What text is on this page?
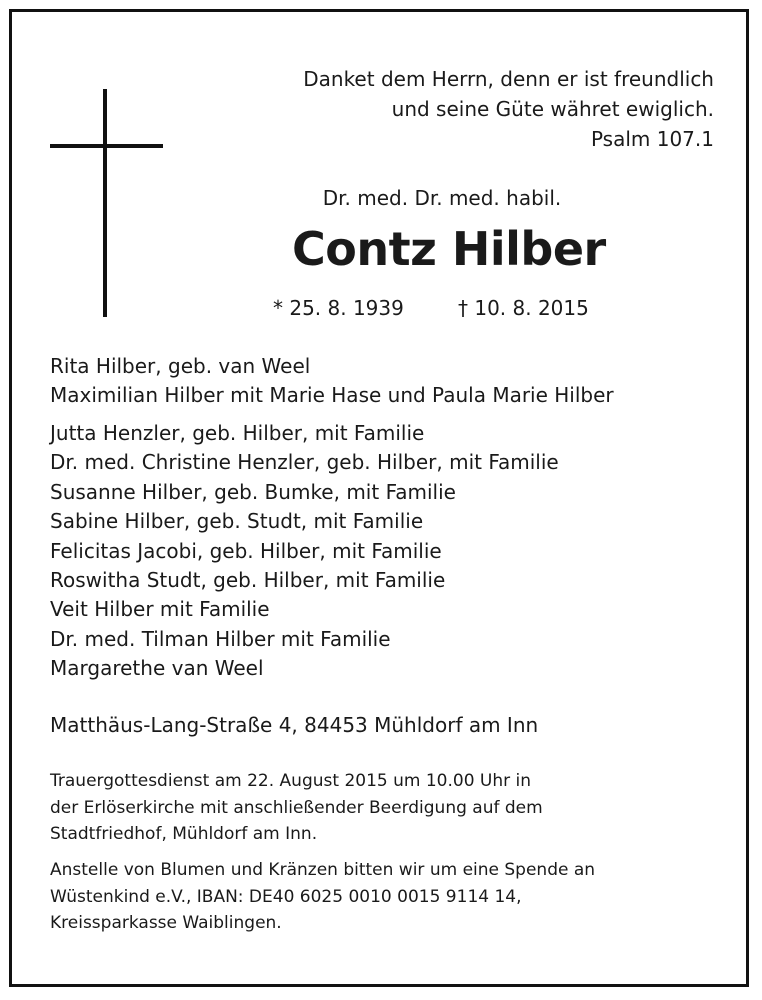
Danket dem Herrn, denn er ist freundlich
und seine Güte währet ewiglich.
Psalm 107.1
Dr. med. Dr. med. habil.
Contz Hilber
* 25. 8. 1939	† 10. 8. 2015
Rita Hilber, geb. van Weel
Maximilian Hilber mit Marie Hase und Paula Marie Hilber
Jutta Henzler, geb. Hilber, mit Familie
Dr. med. Christine Henzler, geb. Hilber, mit Familie
Susanne Hilber, geb. Bumke, mit Familie
Sabine Hilber, geb. Studt, mit Familie
Felicitas Jacobi, geb. Hilber, mit Familie
Roswitha Studt, geb. Hilber, mit Familie
Veit Hilber mit Familie
Dr. med. Tilman Hilber mit Familie
Margarethe van Weel
Matthäus-Lang-Straße 4, 84453 Mühldorf am Inn
Trauergottesdienst am 22. August 2015 um 10.00 Uhr in
der Erlöserkirche mit anschließender Beerdigung auf dem
Stadtfriedhof, Mühldorf am Inn.
Anstelle von Blumen und Kränzen bitten wir um eine Spende an
Wüstenkind e.V., IBAN: DE40 6025 0010 0015 9114 14,
Kreissparkasse Waiblingen.
